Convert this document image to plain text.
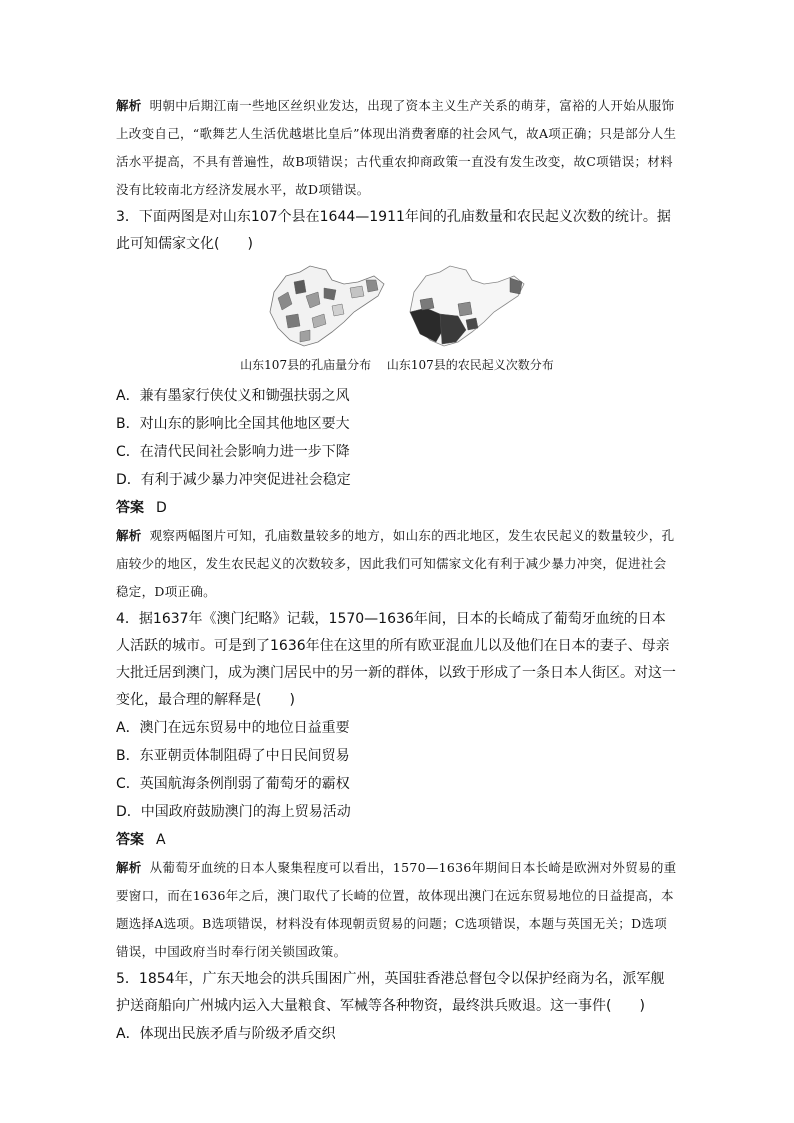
解析 明朝中后期江南一些地区丝织业发达，出现了资本主义生产关系的萌芽，富裕的人开始从服饰上改变自己，“歌舞艺人生活优越堪比皇后”体现出消费奢靡的社会风气，故A项正确；只是部分人生活水平提高，不具有普遍性，故B项错误；古代重农抑商政策一直没有发生改变，故C项错误；材料没有比较南北方经济发展水平，故D项错误。

3．下面两图是对山东107个县在1644—1911年间的孔庙数量和农民起义次数的统计。据此可知儒家文化(　　)

山东107县的孔庙量分布 山东107县的农民起义次数分布

A．兼有墨家行侠仗义和锄强扶弱之风

B．对山东的影响比全国其他地区要大

C．在清代民间社会影响力进一步下降

D．有利于减少暴力冲突促进社会稳定

答案 D

解析 观察两幅图片可知，孔庙数量较多的地方，如山东的西北地区，发生农民起义的数量较少，孔庙较少的地区，发生农民起义的次数较多，因此我们可知儒家文化有利于减少暴力冲突，促进社会稳定，D项正确。

4．据1637年《澳门纪略》记载，1570—1636年间，日本的长崎成了葡萄牙血统的日本人活跃的城市。可是到了1636年住在这里的所有欧亚混血儿以及他们在日本的妻子、母亲大批迁居到澳门，成为澳门居民中的另一新的群体，以致于形成了一条日本人街区。对这一变化，最合理的解释是(　　)

A．澳门在远东贸易中的地位日益重要

B．东亚朝贡体制阻碍了中日民间贸易

C．英国航海条例削弱了葡萄牙的霸权

D．中国政府鼓励澳门的海上贸易活动

答案 A

解析 从葡萄牙血统的日本人聚集程度可以看出，1570—1636年期间日本长崎是欧洲对外贸易的重要窗口，而在1636年之后，澳门取代了长崎的位置，故体现出澳门在远东贸易地位的日益提高，本题选择A选项。B选项错误，材料没有体现朝贡贸易的问题；C选项错误，本题与英国无关；D选项错误，中国政府当时奉行闭关锁国政策。

5．1854年，广东天地会的洪兵围困广州，英国驻香港总督包令以保护经商为名，派军舰护送商船向广州城内运入大量粮食、军械等各种物资，最终洪兵败退。这一事件(　　)

A．体现出民族矛盾与阶级矛盾交织
